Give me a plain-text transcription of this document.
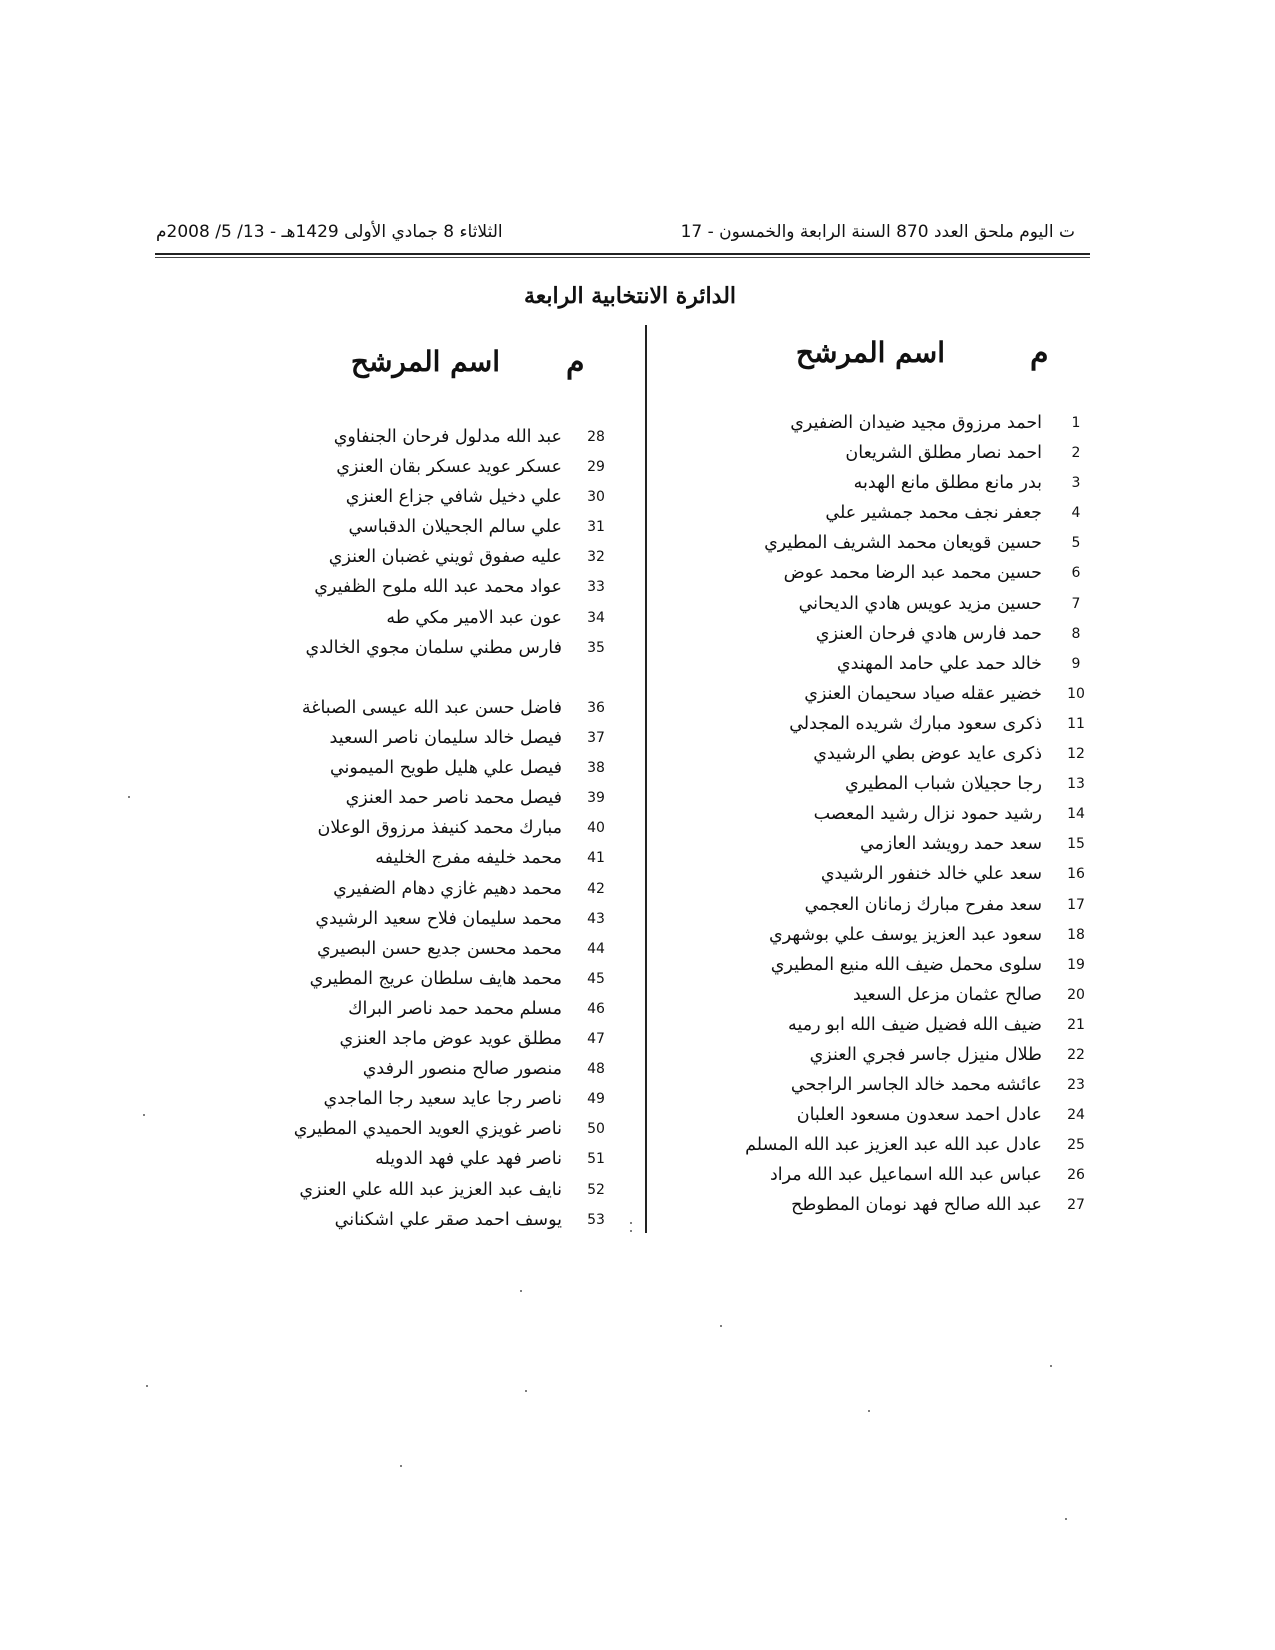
الثلاثاء 8 جمادي الأولى 1429هـ - 13/ 5/ 2008م	ت اليوم ملحق العدد 870 السنة الرابعة والخمسون - 17
الدائرة الانتخابية الرابعة
م
اسم المرشح
م
اسم المرشح
1
احمد مرزوق مجيد ضيدان الضفيري
2
احمد نصار مطلق الشريعان
3
بدر مانع مطلق مانع الهدبه
4
جعفر نجف محمد جمشير علي
5
حسين قويعان محمد الشريف المطيري
6
حسين محمد عبد الرضا محمد عوض
7
حسين مزيد عويس هادي الديحاني
8
حمد فارس هادي فرحان العنزي
9
خالد حمد علي حامد المهندي
10
خضير عقله صياد سحيمان العنزي
11
ذكرى سعود مبارك شريده المجدلي
12
ذكرى عايد عوض بطي الرشيدي
13
رجا حجيلان شباب المطيري
14
رشيد حمود نزال رشيد المعصب
15
سعد حمد رويشد العازمي
16
سعد علي خالد خنفور الرشيدي
17
سعد مفرح مبارك زمانان العجمي
18
سعود عبد العزيز يوسف علي بوشهري
19
سلوى محمل ضيف الله منيع المطيري
20
صالح عثمان مزعل السعيد
21
ضيف الله فضيل ضيف الله ابو رميه
22
طلال منيزل جاسر فجري العنزي
23
عائشه محمد خالد الجاسر الراجحي
24
عادل احمد سعدون مسعود العلبان
25
عادل عبد الله عبد العزيز عبد الله المسلم
26
عباس عبد الله اسماعيل عبد الله مراد
27
عبد الله صالح فهد نومان المطوطح
28
عبد الله مدلول فرحان الجنفاوي
29
عسكر عويد عسكر بقان العنزي
30
علي دخيل شافي جزاع العنزي
31
علي سالم الجحيلان الدقباسي
32
عليه صفوق ثويني غضبان العنزي
33
عواد محمد عبد الله ملوح الظفيري
34
عون عبد الامير مكي طه
35
فارس مطني سلمان مجوي الخالدي
36
فاضل حسن عبد الله عيسى الصباغة
37
فيصل خالد سليمان ناصر السعيد
38
فيصل علي هليل طويح الميموني
39
فيصل محمد ناصر حمد العنزي
40
مبارك محمد كنيفذ مرزوق الوعلان
41
محمد خليفه مفرج الخليفه
42
محمد دهيم غازي دهام الضفيري
43
محمد سليمان فلاح سعيد الرشيدي
44
محمد محسن جديع حسن البصيري
45
محمد هايف سلطان عريج المطيري
46
مسلم محمد حمد ناصر البراك
47
مطلق عويد عوض ماجد العنزي
48
منصور صالح منصور الرفدي
49
ناصر رجا عايد سعيد رجا الماجدي
50
ناصر غويزي العويد الحميدي المطيري
51
ناصر فهد علي فهد الدويله
52
نايف عبد العزيز عبد الله علي العنزي
53
يوسف احمد صقر علي اشكناني
